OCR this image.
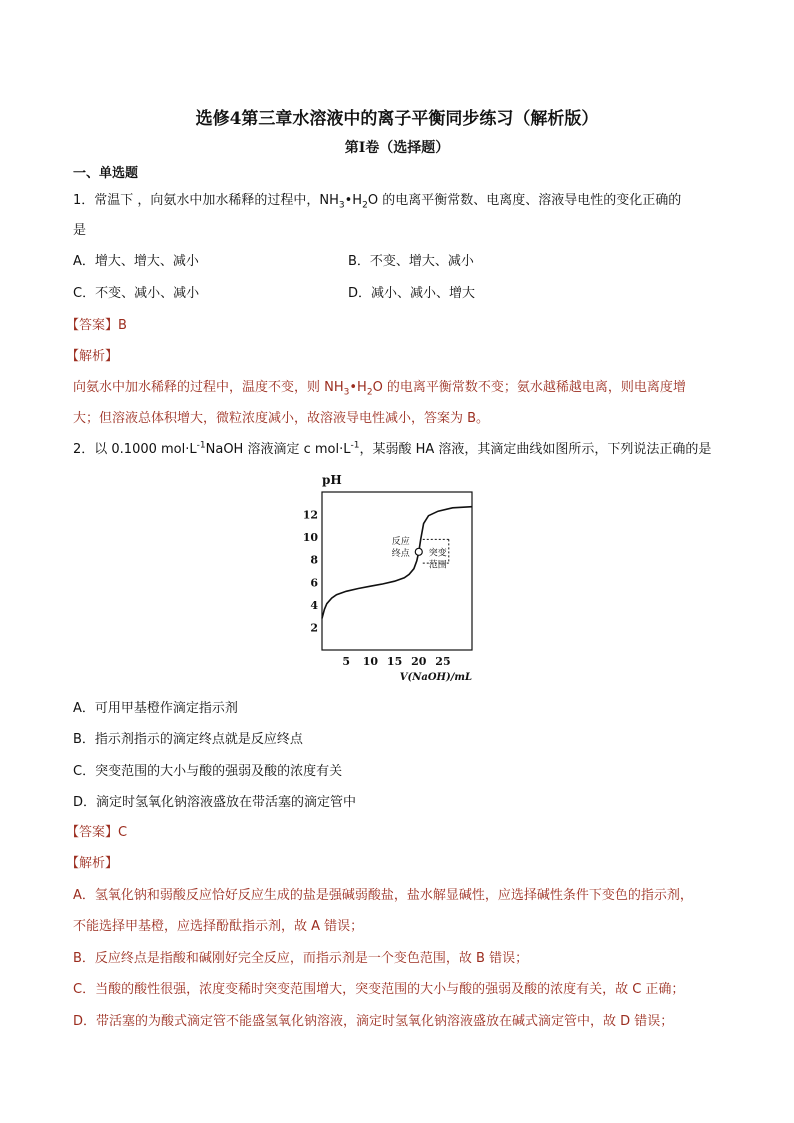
选修4第三章水溶液中的离子平衡同步练习（解析版）
第I卷（选择题）
一、单选题
1．常温下 ，向氨水中加水稀释的过程中，$NH_3•H_2O$ 的电离平衡常数、电离度、溶液导电性的变化正确的
是
A．增大、增大、减小	B．不变、增大、减小
C．不变、减小、减小	D．减小、减小、增大
【答案】B
【解析】
向氨水中加水稀释的过程中，温度不变，则 $NH_3•H_2O$ 的电离平衡常数不变；氨水越稀越电离，则电离度增
大；但溶液总体积增大，微粒浓度减小，故溶液导电性减小，答案为 B。
2．以 0.1000 $mol\cdot L^{-1}NaOH$ 溶液滴定 c $mol\cdot L^{-1}$，某弱酸 HA 溶液，其滴定曲线如图所示，下列说法正确的是
pH
2
4
6
8
10
12
5 10 15 20 25
V(NaOH)/mL
突变
范围
反应
终点
A．可用甲基橙作滴定指示剂
B．指示剂指示的滴定终点就是反应终点
C．突变范围的大小与酸的强弱及酸的浓度有关
D．滴定时氢氧化钠溶液盛放在带活塞的滴定管中
【答案】C
【解析】
A．氢氧化钠和弱酸反应恰好反应生成的盐是强碱弱酸盐，盐水解显碱性，应选择碱性条件下变色的指示剂，
不能选择甲基橙，应选择酚酞指示剂，故 A 错误；
B．反应终点是指酸和碱刚好完全反应，而指示剂是一个变色范围，故 B 错误；
C．当酸的酸性很强，浓度变稀时突变范围增大，突变范围的大小与酸的强弱及酸的浓度有关，故 C 正确；
D．带活塞的为酸式滴定管不能盛氢氧化钠溶液，滴定时氢氧化钠溶液盛放在碱式滴定管中，故 D 错误；
